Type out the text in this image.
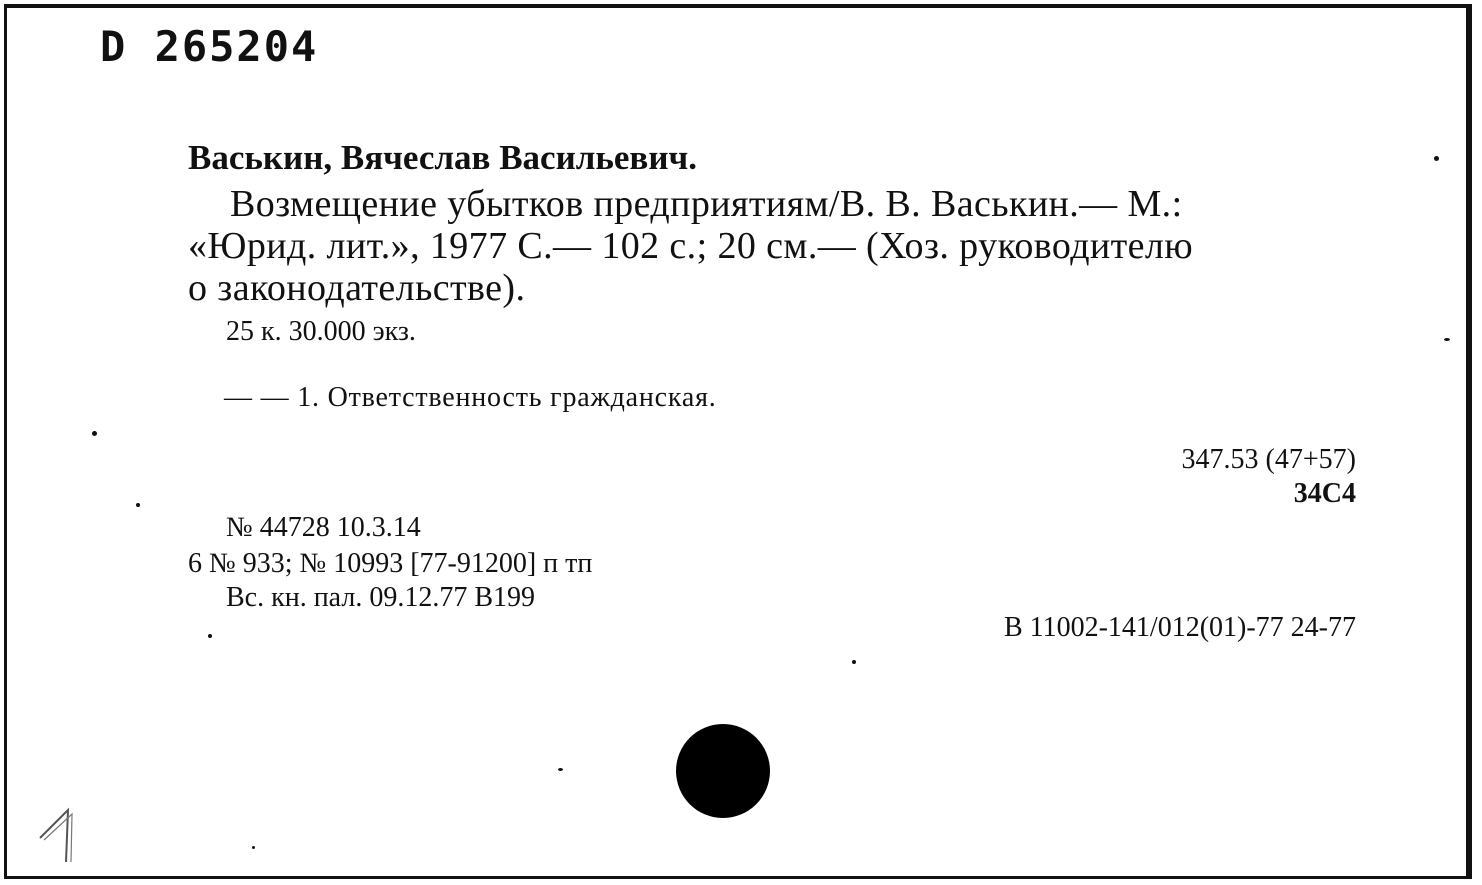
D 265204
Васькин, Вячеслав Васильевич.
Возмещение убытков предприятиям/В. В. Васькин.— М.:
«Юрид. лит.», 1977 С.— 102 с.; 20 см.— (Хоз. руководителю
о законодательстве).
25 к. 30.000 экз.
— — 1. Ответственность гражданская.
347.53 (47+57)
34С4
№ 44728 10.3.14
6 № 933; № 10993 [77-91200] п тп
Вс. кн. пал. 09.12.77 В199
В 11002-141/012(01)-77 24-77
